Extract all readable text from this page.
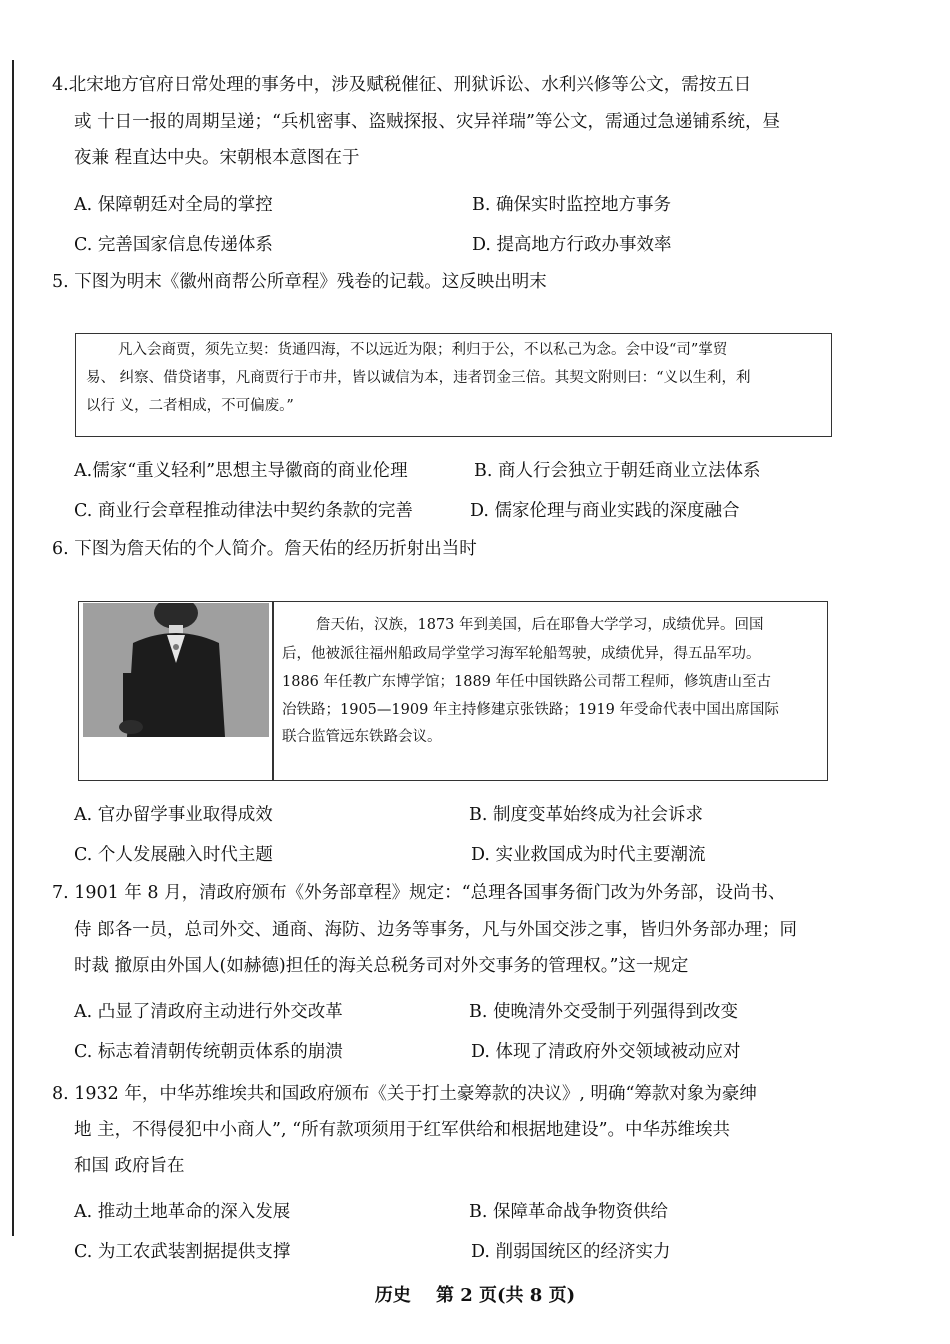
4.北宋地方官府日常处理的事务中，涉及赋税催征、刑狱诉讼、水利兴修等公文，需按五日
或 十日一报的周期呈递；“兵机密事、盗贼探报、灾异祥瑞”等公文，需通过急递铺系统，昼
夜兼 程直达中央。宋朝根本意图在于
A. 保障朝廷对全局的掌控	B. 确保实时监控地方事务
C. 完善国家信息传递体系	D. 提高地方行政办事效率
5. 下图为明末《徽州商帮公所章程》残卷的记载。这反映出明末
凡入会商贾，须先立契：货通四海，不以远近为限；利归于公，不以私己为念。会中设“司”掌贸
易、 纠察、借贷诸事，凡商贾行于市井，皆以诚信为本，违者罚金三倍。其契文附则曰：“义以生利，利
以行 义，二者相成，不可偏废。”
A.儒家“重义轻利”思想主导徽商的商业伦理	B. 商人行会独立于朝廷商业立法体系
C. 商业行会章程推动律法中契约条款的完善	D. 儒家伦理与商业实践的深度融合
6. 下图为詹天佑的个人简介。詹天佑的经历折射出当时
詹天佑，汉族，1873 年到美国，后在耶鲁大学学习，成绩优异。回国
后，他被派往福州船政局学堂学习海军轮船驾驶，成绩优异，得五品军功。
1886 年任教广东博学馆；1889 年任中国铁路公司帮工程师，修筑唐山至古
冶铁路；1905—1909 年主持修建京张铁路；1919 年受命代表中国出席国际
联合监管远东铁路会议。
A. 官办留学事业取得成效	B. 制度变革始终成为社会诉求
C. 个人发展融入时代主题	D. 实业救国成为时代主要潮流
7. 1901 年 8 月，清政府颁布《外务部章程》规定：“总理各国事务衙门改为外务部，设尚书、
侍 郎各一员，总司外交、通商、海防、边务等事务，凡与外国交涉之事，皆归外务部办理；同
时裁 撤原由外国人(如赫德)担任的海关总税务司对外交事务的管理权。”这一规定
A. 凸显了清政府主动进行外交改革	B. 使晚清外交受制于列强得到改变
C. 标志着清朝传统朝贡体系的崩溃	D. 体现了清政府外交领域被动应对
8. 1932 年，中华苏维埃共和国政府颁布《关于打土豪筹款的决议》, 明确“筹款对象为豪绅
地 主，不得侵犯中小商人”, “所有款项须用于红军供给和根据地建设”。中华苏维埃共
和国 政府旨在
A. 推动土地革命的深入发展	B. 保障革命战争物资供给
C. 为工农武装割据提供支撑	D. 削弱国统区的经济实力
历史    第 2 页(共 8 页)
